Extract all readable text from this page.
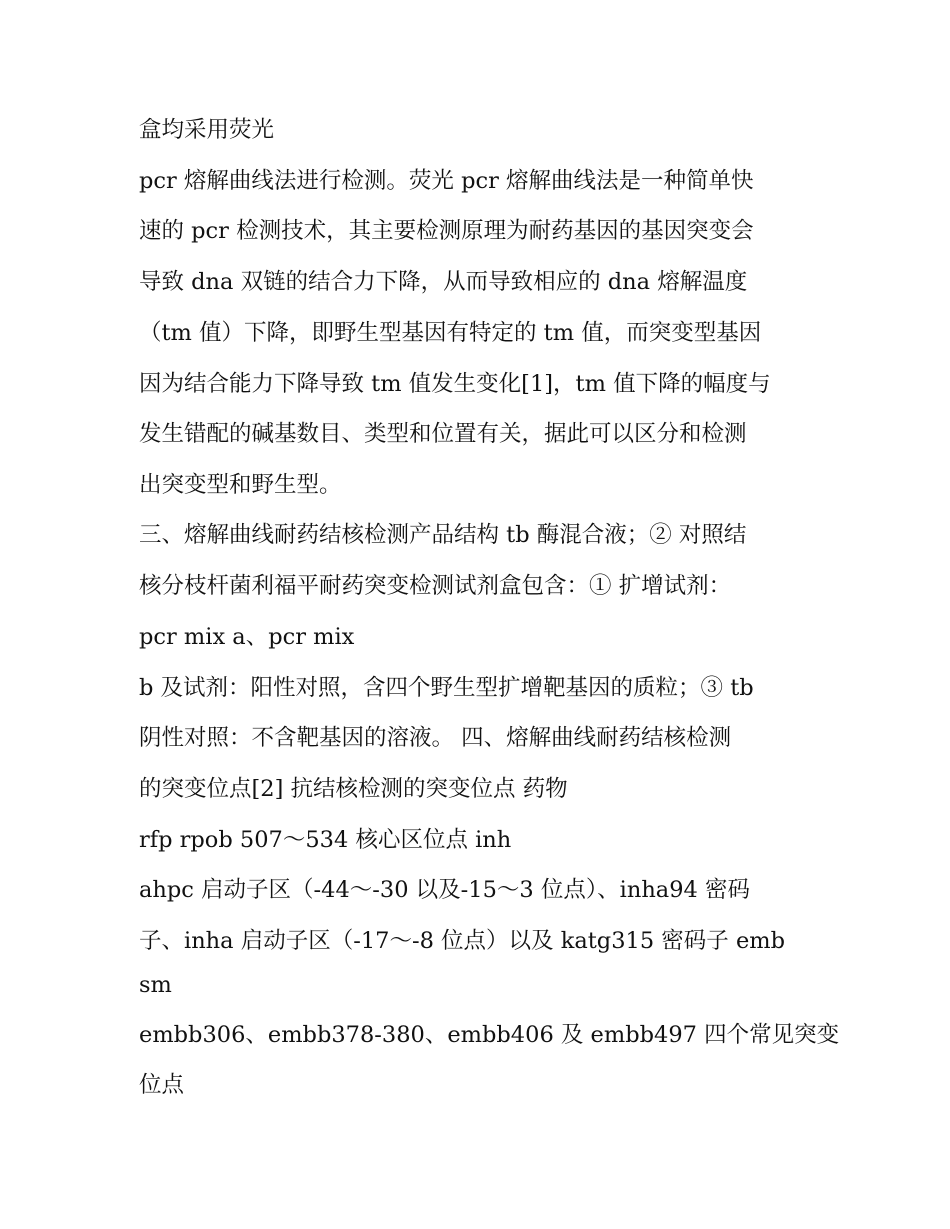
盒均采用荧光

pcr 熔解曲线法进行检测。荧光 pcr 熔解曲线法是一种简单快

速的 pcr 检测技术，其主要检测原理为耐药基因的基因突变会

导致 dna 双链的结合力下降，从而导致相应的 dna 熔解温度

（tm 值）下降，即野生型基因有特定的 tm 值，而突变型基因

因为结合能力下降导致 tm 值发生变化[1]，tm 值下降的幅度与

发生错配的碱基数目、类型和位置有关，据此可以区分和检测

出突变型和野生型。

三、熔解曲线耐药结核检测产品结构 tb 酶混合液；② 对照结

核分枝杆菌利福平耐药突变检测试剂盒包含：① 扩增试剂：

pcr mix a、pcr mix

b 及试剂：阳性对照，含四个野生型扩增靶基因的质粒；③ tb

阴性对照：不含靶基因的溶液。 四、熔解曲线耐药结核检测

的突变位点[2] 抗结核检测的突变位点 药物

rfp rpob 507～534 核心区位点 inh

ahpc 启动子区（-44～-30 以及-15～3 位点）、inha94 密码

子、inha 启动子区（-17～-8 位点）以及 katg315 密码子 emb

sm

embb306、embb378-380、embb406 及 embb497 四个常见突变

位点
